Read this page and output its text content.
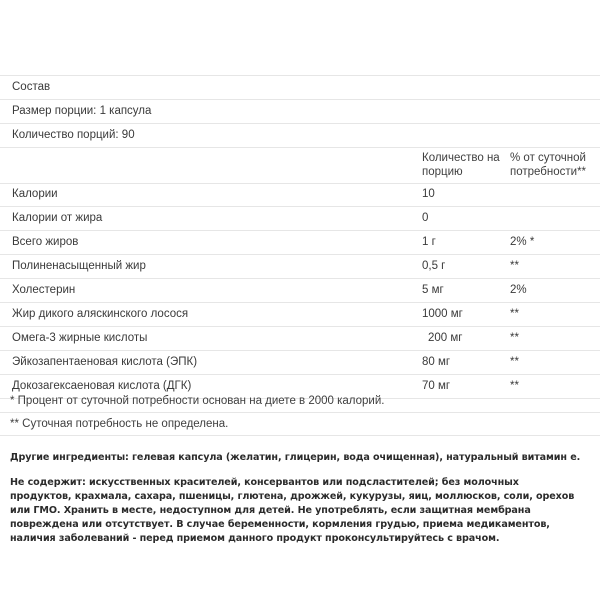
Состав
Размер порции: 1 капсула
Количество порций: 90
Количество на порцию
% от суточной потребности**
Калории	10
Калории от жира	0
Всего жиров	1 г	2% *
Полиненасыщенный жир	0,5 г	**
Холестерин	5 мг	2%
Жир дикого аляскинского лосося	1000 мг	**
Омега-3 жирные кислоты	200 мг	**
Эйкозапентаеновая кислота (ЭПК)	80 мг	**
Докозагексаеновая кислота (ДГК)	70 мг	**
* Процент от суточной потребности основан на диете в 2000 калорий.
** Суточная потребность не определена.
Другие ингредиенты: гелевая капсула (желатин, глицерин, вода очищенная), натуральный витамин е.
Не содержит: искусственных красителей, консервантов или подсластителей; без молочных продуктов, крахмала, сахара, пшеницы, глютена, дрожжей, кукурузы, яиц, моллюсков, соли, орехов или ГМО. Хранить в месте, недоступном для детей. Не употреблять, если защитная мембрана повреждена или отсутствует. В случае беременности, кормления грудью, приема медикаментов, наличия заболеваний - перед приемом данного продукт проконсультируйтесь с врачом.
